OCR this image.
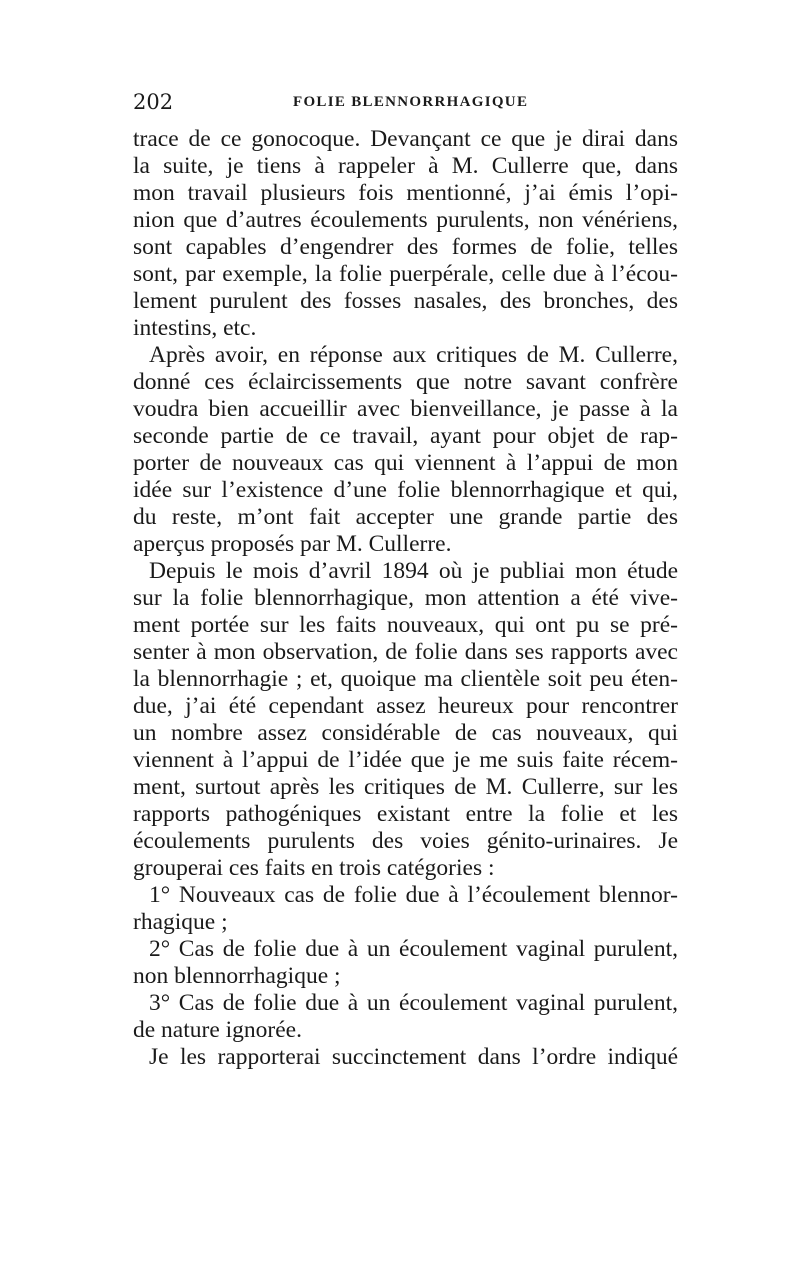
202	FOLIE BLENNORRHAGIQUE
trace de ce gonocoque. Devançant ce que je dirai dans
la suite, je tiens à rappeler à M. Cullerre que, dans
mon travail plusieurs fois mentionné, j’ai émis l’opi-
nion que d’autres écoulements purulents, non vénériens,
sont capables d’engendrer des formes de folie, telles
sont, par exemple, la folie puerpérale, celle due à l’écou-
lement purulent des fosses nasales, des bronches, des
intestins, etc.
Après avoir, en réponse aux critiques de M. Cullerre,
donné ces éclaircissements que notre savant confrère
voudra bien accueillir avec bienveillance, je passe à la
seconde partie de ce travail, ayant pour objet de rap-
porter de nouveaux cas qui viennent à l’appui de mon
idée sur l’existence d’une folie blennorrhagique et qui,
du reste, m’ont fait accepter une grande partie des
aperçus proposés par M. Cullerre.
Depuis le mois d’avril 1894 où je publiai mon étude
sur la folie blennorrhagique, mon attention a été vive-
ment portée sur les faits nouveaux, qui ont pu se pré-
senter à mon observation, de folie dans ses rapports avec
la blennorrhagie ; et, quoique ma clientèle soit peu éten-
due, j’ai été cependant assez heureux pour rencontrer
un nombre assez considérable de cas nouveaux, qui
viennent à l’appui de l’idée que je me suis faite récem-
ment, surtout après les critiques de M. Cullerre, sur les
rapports pathogéniques existant entre la folie et les
écoulements purulents des voies génito-urinaires. Je
grouperai ces faits en trois catégories :
1° Nouveaux cas de folie due à l’écoulement blennor-
rhagique ;
2° Cas de folie due à un écoulement vaginal purulent,
non blennorrhagique ;
3° Cas de folie due à un écoulement vaginal purulent,
de nature ignorée.
Je les rapporterai succinctement dans l’ordre indiqué
